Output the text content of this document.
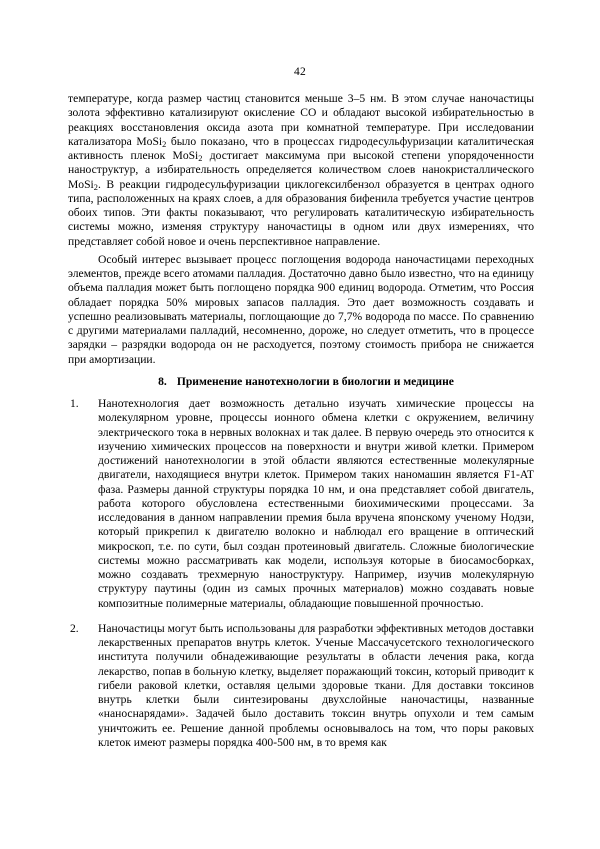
42

температуре, когда размер частиц становится меньше 3–5 нм. В этом случае наночастицы золота эффективно катализируют окисление CO и обладают высокой избирательностью в реакциях восстановления оксида азота при комнатной температуре. При исследовании катализатора MoSi$_2$ было показано, что в процессах гидродесульфуризации каталитическая активность пленок MoSi$_2$ достигает максимума при высокой степени упорядоченности наноструктур, а избирательность определяется количеством слоев нанокристаллического MoSi$_2$. В реакции гидродесульфуризации циклогексилбензол образуется в центрах одного типа, расположенных на краях слоев, а для образования бифенила требуется участие центров обоих типов. Эти факты показывают, что регулировать каталитическую избирательность системы можно, изменяя структуру наночастицы в одном или двух измерениях, что представляет собой новое и очень перспективное направление.

Особый интерес вызывает процесс поглощения водорода наночастицами переходных элементов, прежде всего атомами палладия. Достаточно давно было известно, что на единицу объема палладия может быть поглощено порядка 900 единиц водорода. Отметим, что Россия обладает порядка 50% мировых запасов палладия. Это дает возможность создавать и успешно реализовывать материалы, поглощающие до 7,7% водорода по массе. По сравнению с другими материалами палладий, несомненно, дороже, но следует отметить, что в процессе зарядки – разрядки водорода он не расходуется, поэтому стоимость прибора не снижается при амортизации.

8. Применение нанотехнологии в биологии и медицине

1.	Нанотехнология дает возможность детально изучать химические процессы на молекулярном уровне, процессы ионного обмена клетки с окружением, величину электрического тока в нервных волокнах и так далее. В первую очередь это относится к изучению химических процессов на поверхности и внутри живой клетки. Примером достижений нанотехнологии в этой области являются естественные молекулярные двигатели, находящиеся внутри клеток. Примером таких наномашин является F1-AT фаза. Размеры данной структуры порядка 10 нм, и она представляет собой двигатель, работа которого обусловлена естественными биохимическими процессами. За исследования в данном направлении премия была вручена японскому ученому Нодзи, который прикрепил к двигателю волокно и наблюдал его вращение в оптический микроскоп, т.е. по сути, был создан протеиновый двигатель. Сложные биологические системы можно рассматривать как модели, используя которые в биосамосборках, можно создавать трехмерную наноструктуру. Например, изучив молекулярную структуру паутины (один из самых прочных материалов) можно создавать новые композитные полимерные материалы, обладающие повышенной прочностью.
2.	Наночастицы могут быть использованы для разработки эффективных методов доставки лекарственных препаратов внутрь клеток. Ученые Массачусетского технологического института получили обнадеживающие результаты в области лечения рака, когда лекарство, попав в больную клетку, выделяет поражающий токсин, который приводит к гибели раковой клетки, оставляя целыми здоровые ткани. Для доставки токсинов внутрь клетки были синтезированы двухслойные наночастицы, названные «наноснарядами». Задачей было доставить токсин внутрь опухоли и тем самым уничтожить ее. Решение данной проблемы основывалось на том, что поры раковых клеток имеют размеры порядка 400-500 нм, в то время как
